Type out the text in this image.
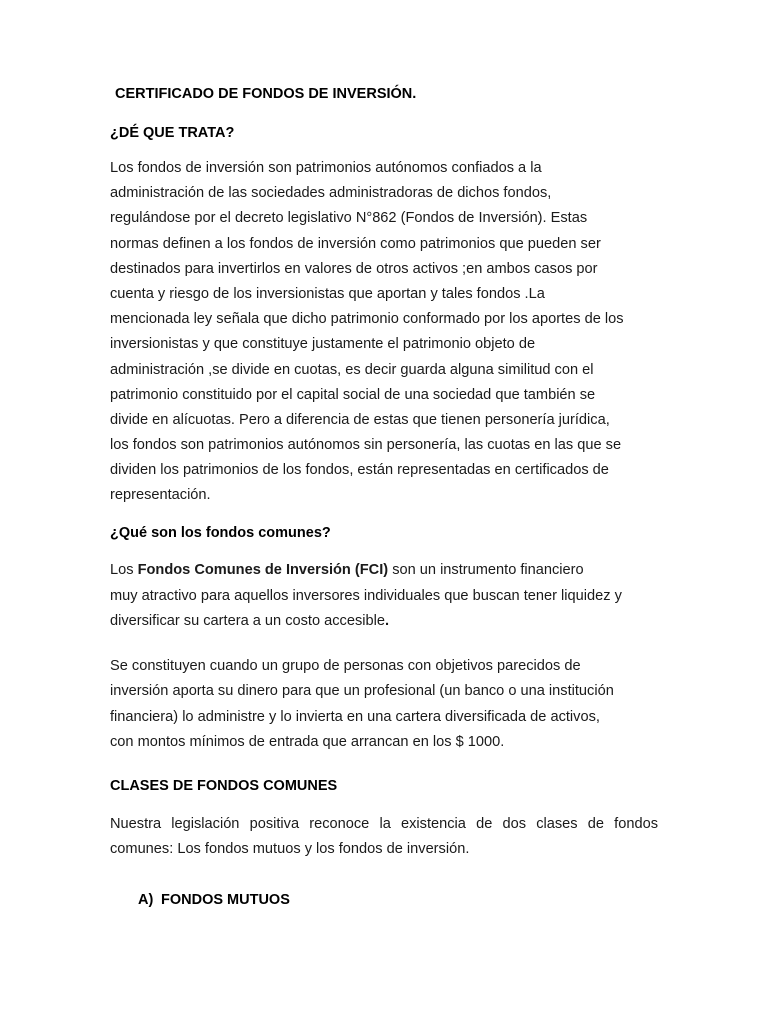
CERTIFICADO DE FONDOS DE INVERSIÓN.
¿DÉ QUE TRATA?
Los fondos de inversión son patrimonios autónomos confiados a la
administración de las sociedades administradoras de dichos fondos,
regulándose por el decreto legislativo N°862 (Fondos de Inversión). Estas
normas definen a los fondos de inversión como patrimonios que pueden ser
destinados para invertirlos en valores de otros activos ;en ambos casos por
cuenta y riesgo de los inversionistas que aportan y tales fondos .La
mencionada ley señala que dicho patrimonio conformado por los aportes de los
inversionistas y que constituye justamente el patrimonio objeto de
administración ,se divide en cuotas, es decir guarda alguna similitud con el
patrimonio constituido por el capital social de una sociedad que también se
divide en alícuotas. Pero a diferencia de estas que tienen personería jurídica,
los fondos son patrimonios autónomos sin personería, las cuotas en las que se
dividen los patrimonios de los fondos, están representadas en certificados de
representación.
¿Qué son los fondos comunes?
Los Fondos Comunes de Inversión (FCI) son un instrumento financiero
muy atractivo para aquellos inversores individuales que buscan tener liquidez y
diversificar su cartera a un costo accesible.
Se constituyen cuando un grupo de personas con objetivos parecidos de
inversión aporta su dinero para que un profesional (un banco o una institución
financiera) lo administre y lo invierta en una cartera diversificada de activos,
con montos mínimos de entrada que arrancan en los $ 1000.
CLASES DE FONDOS COMUNES
Nuestra legislación positiva reconoce la existencia de dos clases de fondos
comunes: Los fondos mutuos y los fondos de inversión.
A) FONDOS MUTUOS
